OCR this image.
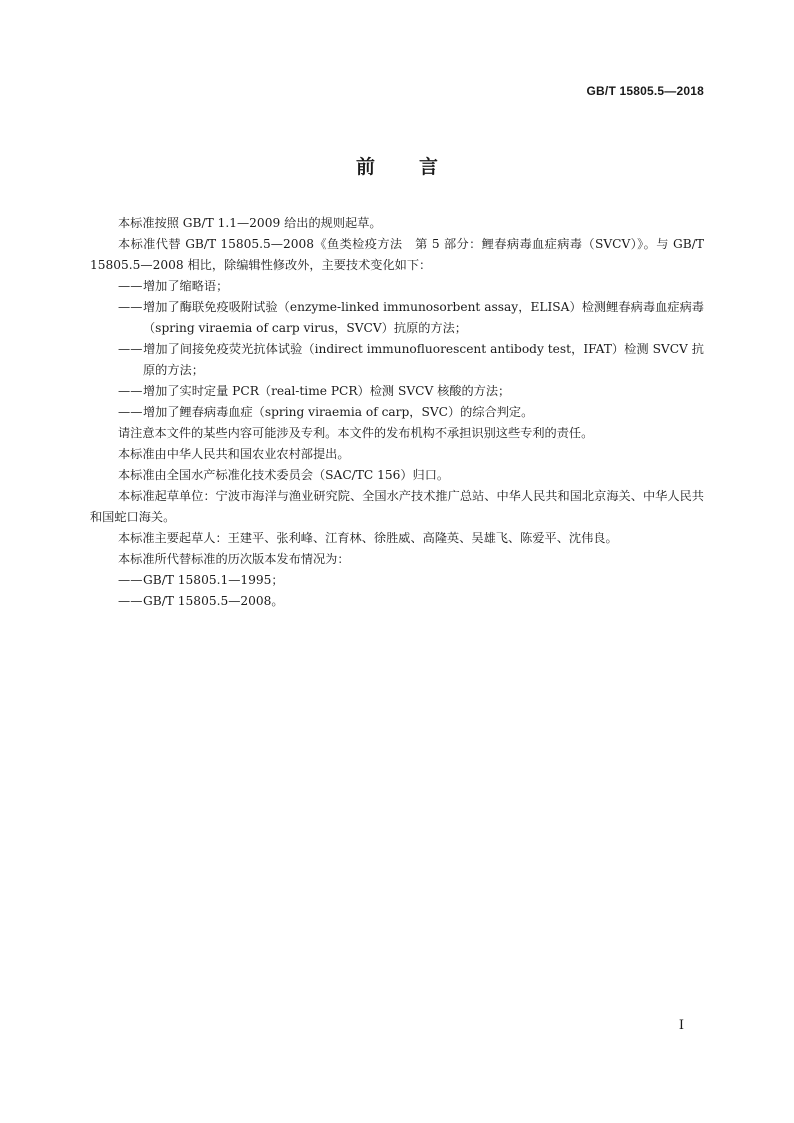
GB/T 15805.5—2018
前 言

本标准按照 GB/T 1.1—2009 给出的规则起草。

本标准代替 GB/T 15805.5—2008《鱼类检疫方法　第 5 部分：鲤春病毒血症病毒（SVCV）》。与 GB/T 15805.5—2008 相比，除编辑性修改外，主要技术变化如下：

——增加了缩略语；

——增加了酶联免疫吸附试验（enzyme-linked immunosorbent assay，ELISA）检测鲤春病毒血症病毒（spring viraemia of carp virus，SVCV）抗原的方法；

——增加了间接免疫荧光抗体试验（indirect immunofluorescent antibody test，IFAT）检测 SVCV 抗原的方法；

——增加了实时定量 PCR（real-time PCR）检测 SVCV 核酸的方法；

——增加了鲤春病毒血症（spring viraemia of carp，SVC）的综合判定。

请注意本文件的某些内容可能涉及专利。本文件的发布机构不承担识别这些专利的责任。

本标准由中华人民共和国农业农村部提出。

本标准由全国水产标准化技术委员会（SAC/TC 156）归口。

本标准起草单位：宁波市海洋与渔业研究院、全国水产技术推广总站、中华人民共和国北京海关、中华人民共和国蛇口海关。

本标准主要起草人：王建平、张利峰、江育林、徐胜威、高隆英、吴雄飞、陈爱平、沈伟良。

本标准所代替标准的历次版本发布情况为：

——GB/T 15805.1—1995；

——GB/T 15805.5—2008。

I
